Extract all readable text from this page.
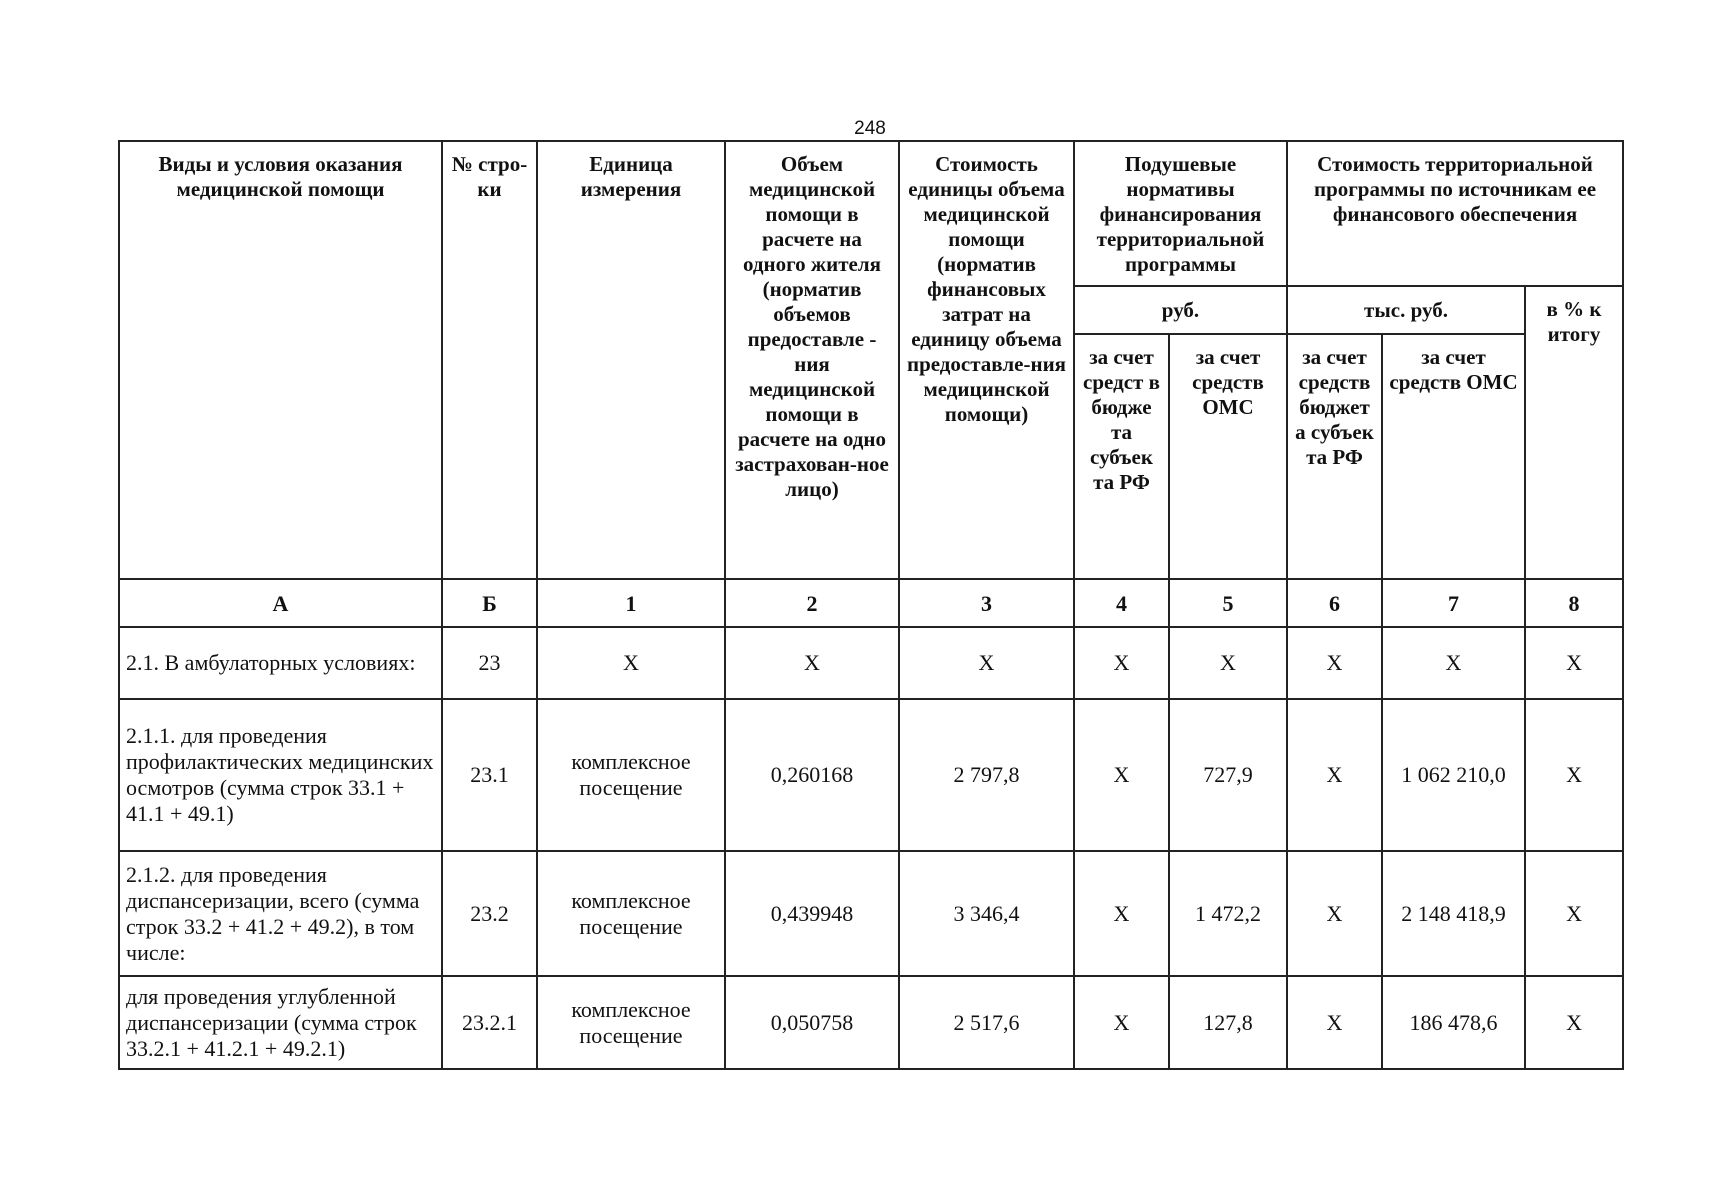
248
Виды и условия оказания медицинской помощи	№ стро-ки	Единица измерения	Объем медицинской помощи в расчете на одного жителя (норматив объемов предоставле - ния медицинской помощи в расчете на одно застрахован-ное лицо)	Стоимость единицы объема медицинской помощи (норматив финансовых затрат на единицу объема предоставле-ния медицинской помощи)	Подушевые нормативы финансирования территориальной программы		Стоимость территориальной программы по источникам ее финансового обеспечения		
					руб.		тыс. руб.		в % к итогу
					за счет средст в бюдже та субъек та РФ	за счет средств ОМС	за счет средств бюджет а субъек та РФ	за счет средств ОМС	
А	Б	1	2	3	4	5	6	7	8
2.1. В амбулаторных условиях:	23	Х	Х	Х	Х	Х	Х	Х	Х
2.1.1. для проведения профилактических медицинских осмотров (сумма строк 33.1 + 41.1 + 49.1)	23.1	комплексное посещение	0,260168	2 797,8	Х	727,9	Х	1 062 210,0	Х
2.1.2. для проведения диспансеризации, всего (сумма строк 33.2 + 41.2 + 49.2), в том числе:	23.2	комплексное посещение	0,439948	3 346,4	Х	1 472,2	Х	2 148 418,9	Х
для проведения углубленной диспансеризации (сумма строк 33.2.1 + 41.2.1 + 49.2.1)	23.2.1	комплексное посещение	0,050758	2 517,6	Х	127,8	Х	186 478,6	Х
